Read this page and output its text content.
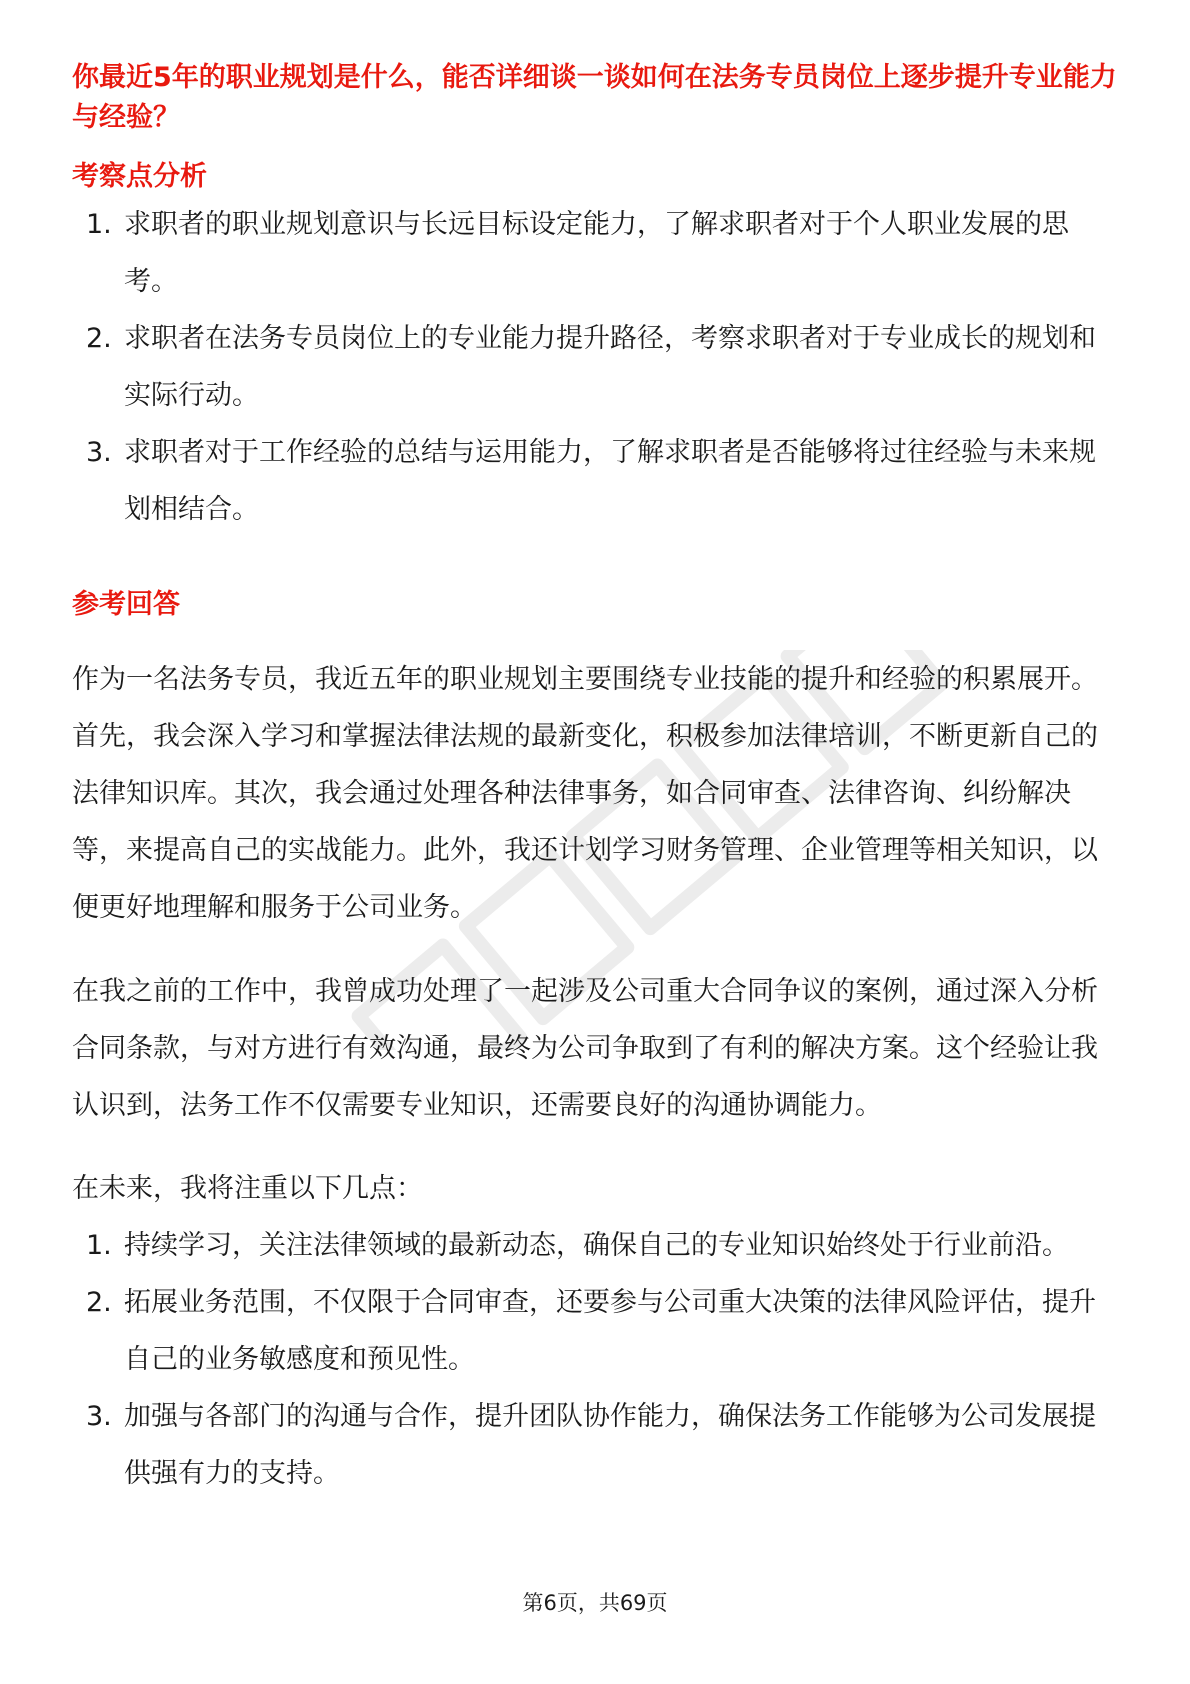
你最近5年的职业规划是什么，能否详细谈一谈如何在法务专员岗位上逐步提升专业能力与经验？

考察点分析

1. 求职者的职业规划意识与长远目标设定能力，了解求职者对于个人职业发展的思考。
2. 求职者在法务专员岗位上的专业能力提升路径，考察求职者对于专业成长的规划和实际行动。
3. 求职者对于工作经验的总结与运用能力，了解求职者是否能够将过往经验与未来规划相结合。

参考回答

作为一名法务专员，我近五年的职业规划主要围绕专业技能的提升和经验的积累展开。首先，我会深入学习和掌握法律法规的最新变化，积极参加法律培训，不断更新自己的法律知识库。其次，我会通过处理各种法律事务，如合同审查、法律咨询、纠纷解决等，来提高自己的实战能力。此外，我还计划学习财务管理、企业管理等相关知识，以便更好地理解和服务于公司业务。

在我之前的工作中，我曾成功处理了一起涉及公司重大合同争议的案例，通过深入分析合同条款，与对方进行有效沟通，最终为公司争取到了有利的解决方案。这个经验让我认识到，法务工作不仅需要专业知识，还需要良好的沟通协调能力。

在未来，我将注重以下几点：

1. 持续学习，关注法律领域的最新动态，确保自己的专业知识始终处于行业前沿。
2. 拓展业务范围，不仅限于合同审查，还要参与公司重大决策的法律风险评估，提升自己的业务敏感度和预见性。
3. 加强与各部门的沟通与合作，提升团队协作能力，确保法务工作能够为公司发展提供强有力的支持。
第6页，共69页
